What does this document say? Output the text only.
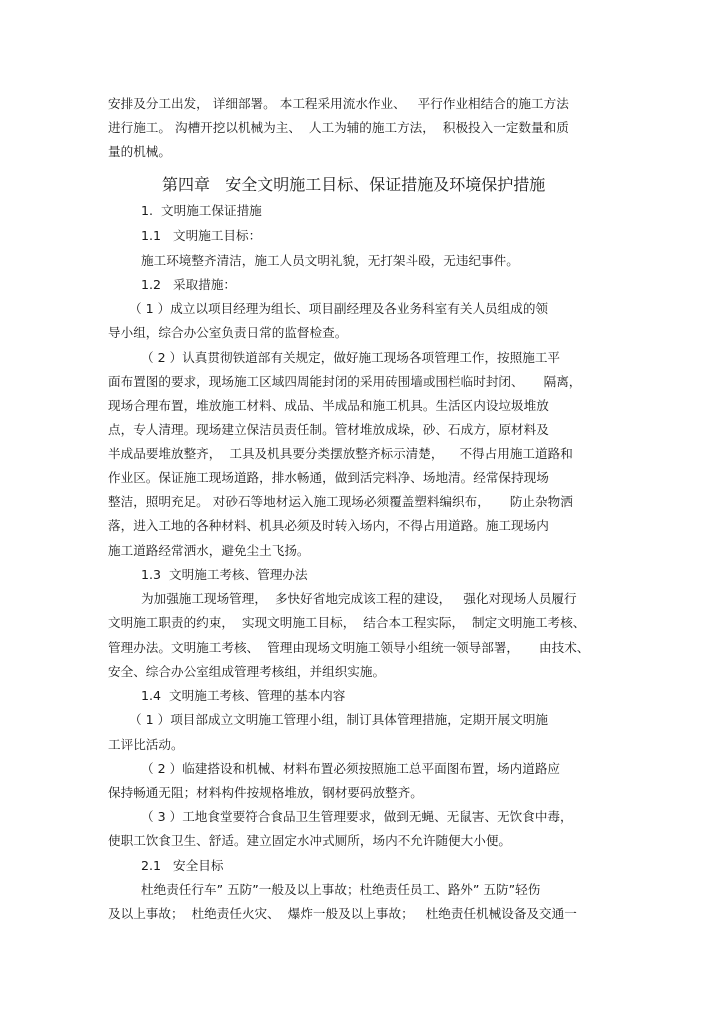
安排及分工出发， 详细部署。 本工程采用流水作业、   平行作业相结合的施工方法

进行施工。 沟槽开挖以机械为主、  人工为辅的施工方法，  积极投入一定数量和质

量的机械。

第四章   安全文明施工目标、保证措施及环境保护措施

1.  文明施工保证措施

1.1   文明施工目标：

施工环境整齐清洁，施工人员文明礼貌，无打架斗殴，无违纪事件。

1.2   采取措施：

（ 1 ）成立以项目经理为组长、项目副经理及各业务科室有关人员组成的领

导小组，综合办公室负责日常的监督检查。

（ 2 ）认真贯彻铁道部有关规定，做好施工现场各项管理工作，按照施工平

面布置图的要求，现场施工区域四周能封闭的采用砖围墙或围栏临时封闭、     隔离，

现场合理布置，堆放施工材料、成品、半成品和施工机具。生活区内设垃圾堆放

点，专人清理。现场建立保洁员责任制。管材堆放成垛，砂、石成方，原材料及

半成品要堆放整齐，  工具及机具要分类摆放整齐标示清楚，    不得占用施工道路和

作业区。保证施工现场道路，排水畅通，做到活完料净、场地清。经常保持现场

整洁，照明充足。 对砂石等地材运入施工现场必须覆盖塑料编织布，     防止杂物洒

落，进入工地的各种材料、机具必须及时转入场内，不得占用道路。施工现场内

施工道路经常洒水，避免尘土飞扬。

1.3  文明施工考核、管理办法

为加强施工现场管理，  多快好省地完成该工程的建设，   强化对现场人员履行

文明施工职责的约束，  实现文明施工目标，  结合本工程实际，  制定文明施工考核、

管理办法。文明施工考核、  管理由现场文明施工领导小组统一领导部署，     由技术、

安全、综合办公室组成管理考核组，并组织实施。

1.4  文明施工考核、管理的基本内容

（ 1 ）项目部成立文明施工管理小组，制订具体管理措施，定期开展文明施

工评比活动。

（ 2 ）临建搭设和机械、材料布置必须按照施工总平面图布置，场内道路应

保持畅通无阻；材料构件按规格堆放，钢材要码放整齐。

（ 3 ）工地食堂要符合食品卫生管理要求，做到无蝇、无鼠害、无饮食中毒，

使职工饮食卫生、舒适。建立固定水冲式厕所，场内不允许随便大小便。

2.1   安全目标

杜绝责任行车” 五防”一般及以上事故；杜绝责任员工、路外” 五防”轻伤

及以上事故；  杜绝责任火灾、  爆炸一般及以上事故；   杜绝责任机械设备及交通一
